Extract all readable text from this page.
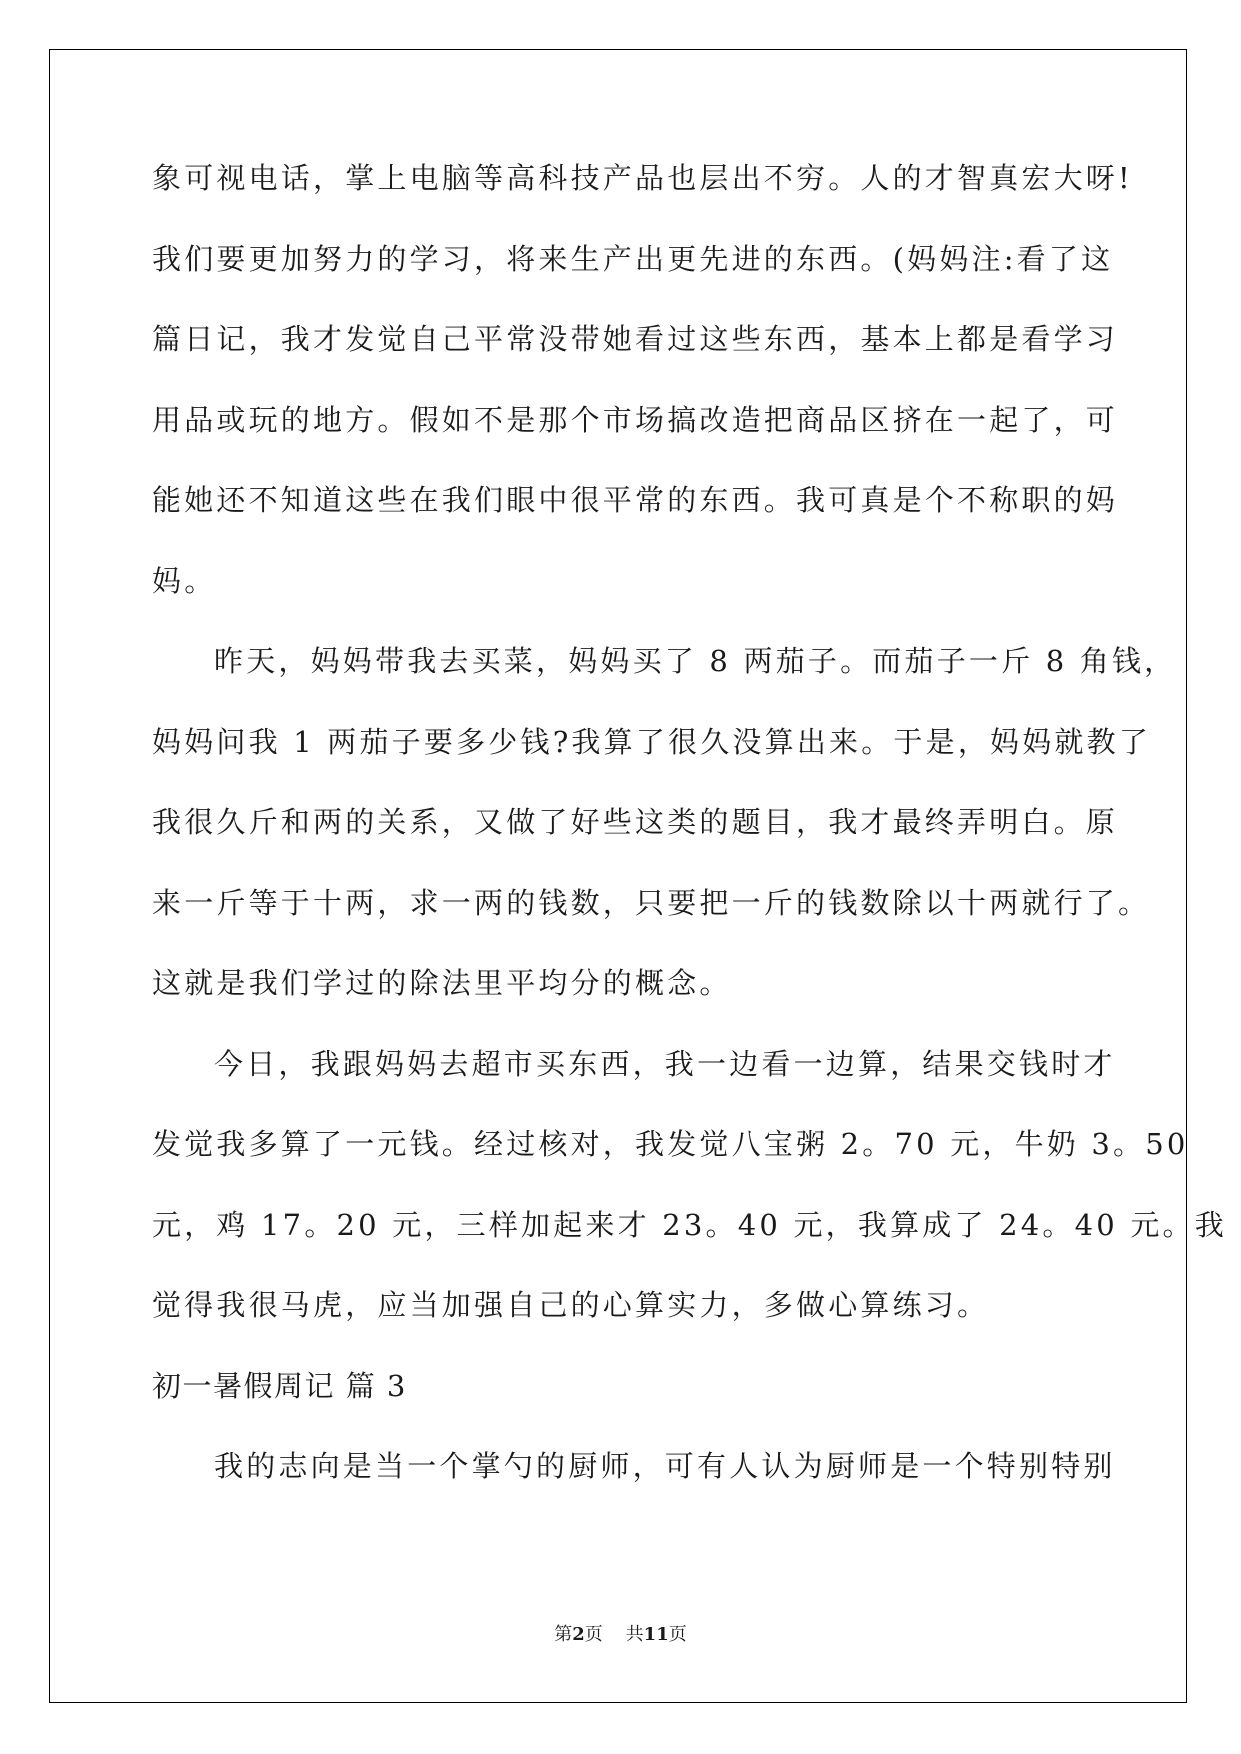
象可视电话，掌上电脑等高科技产品也层出不穷。人的才智真宏大呀!
我们要更加努力的学习，将来生产出更先进的东西。(妈妈注:看了这
篇日记，我才发觉自己平常没带她看过这些东西，基本上都是看学习
用品或玩的地方。假如不是那个市场搞改造把商品区挤在一起了，可
能她还不知道这些在我们眼中很平常的东西。我可真是个不称职的妈
妈。
昨天，妈妈带我去买菜，妈妈买了 8 两茄子。而茄子一斤 8 角钱，
妈妈问我 1 两茄子要多少钱?我算了很久没算出来。于是，妈妈就教了
我很久斤和两的关系，又做了好些这类的题目，我才最终弄明白。原
来一斤等于十两，求一两的钱数，只要把一斤的钱数除以十两就行了。
这就是我们学过的除法里平均分的概念。
今日，我跟妈妈去超市买东西，我一边看一边算，结果交钱时才
发觉我多算了一元钱。经过核对，我发觉八宝粥 2。70 元，牛奶 3。50
元，鸡 17。20 元，三样加起来才 23。40 元，我算成了 24。40 元。我
觉得我很马虎，应当加强自己的心算实力，多做心算练习。
初一暑假周记 篇 3
我的志向是当一个掌勺的厨师，可有人认为厨师是一个特别特别
第2页    共11页
